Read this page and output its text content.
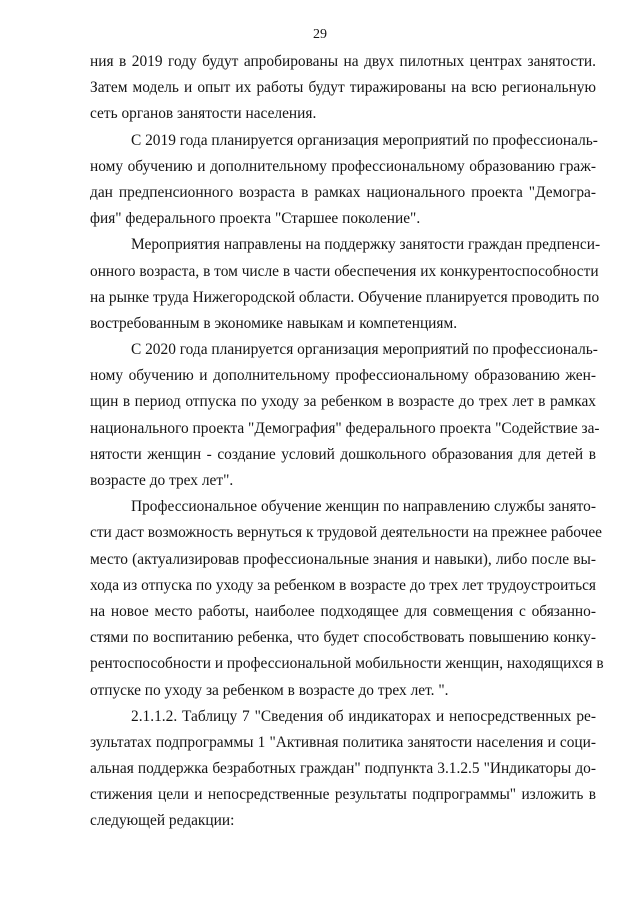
29
ния в 2019 году будут апробированы на двух пилотных центрах занятости.
Затем модель и опыт их работы будут тиражированы на всю региональную
сеть органов занятости населения.
С 2019 года планируется организация мероприятий по профессиональ-
ному обучению и дополнительному профессиональному образованию граж-
дан предпенсионного возраста в рамках национального проекта "Демогра-
фия" федерального проекта "Старшее поколение".
Мероприятия направлены на поддержку занятости граждан предпенси-
онного возраста, в том числе в части обеспечения их конкурентоспособности
на рынке труда Нижегородской области. Обучение планируется проводить по
востребованным в экономике навыкам и компетенциям.
С 2020 года планируется организация мероприятий по профессиональ-
ному обучению и дополнительному профессиональному образованию жен-
щин в период отпуска по уходу за ребенком в возрасте до трех лет в рамках
национального проекта "Демография" федерального проекта "Содействие за-
нятости женщин - создание условий дошкольного образования для детей в
возрасте до трех лет".
Профессиональное обучение женщин по направлению службы занято-
сти даст возможность вернуться к трудовой деятельности на прежнее рабочее
место (актуализировав профессиональные знания и навыки), либо после вы-
хода из отпуска по уходу за ребенком в возрасте до трех лет трудоустроиться
на новое место работы, наиболее подходящее для совмещения с обязанно-
стями по воспитанию ребенка, что будет способствовать повышению конку-
рентоспособности и профессиональной мобильности женщин, находящихся в
отпуске по уходу за ребенком в возрасте до трех лет. ".
2.1.1.2. Таблицу 7 "Сведения об индикаторах и непосредственных ре-
зультатах подпрограммы 1 "Активная политика занятости населения и соци-
альная поддержка безработных граждан" подпункта 3.1.2.5 "Индикаторы до-
стижения цели и непосредственные результаты подпрограммы" изложить в
следующей редакции:
